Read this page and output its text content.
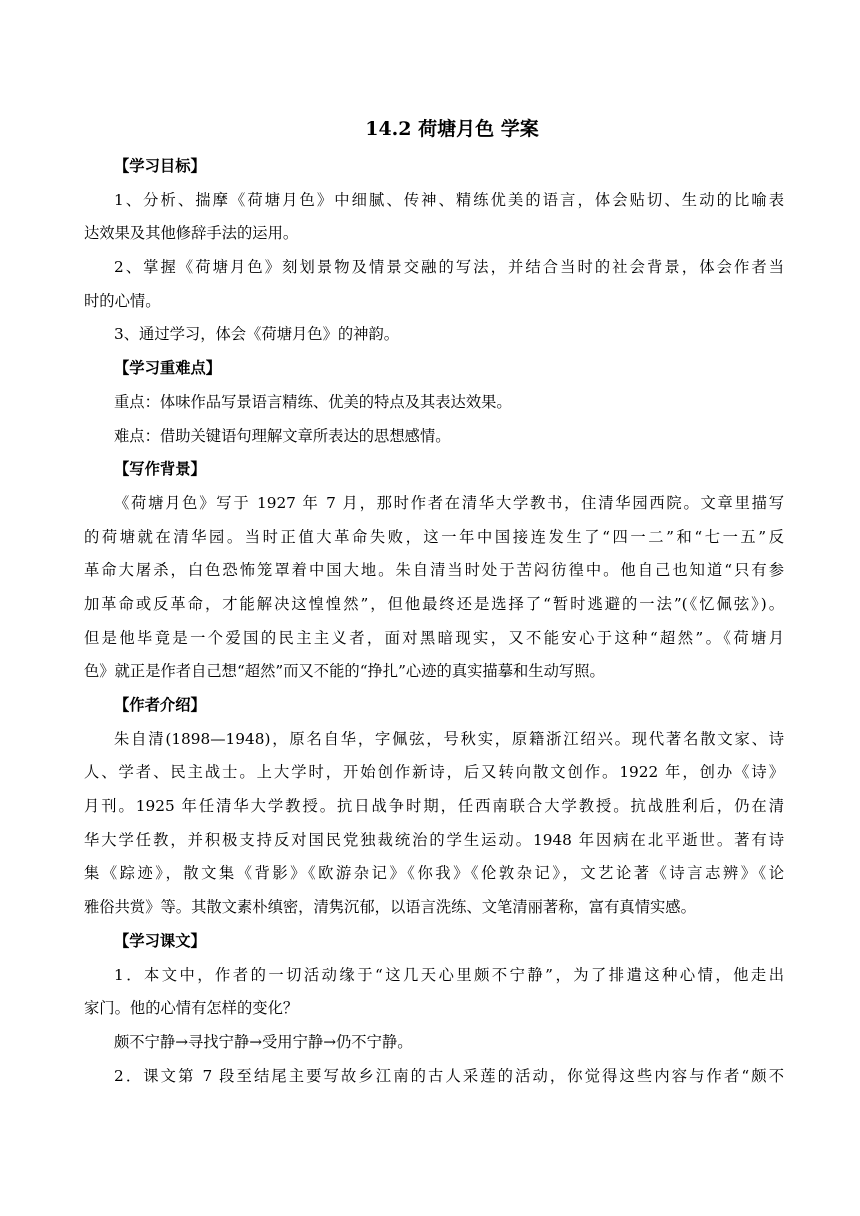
14.2 荷塘月色 学案
【学习目标】
1、分析、揣摩《荷塘月色》中细腻、传神、精练优美的语言，体会贴切、生动的比喻表
达效果及其他修辞手法的运用。
2、掌握《荷塘月色》刻划景物及情景交融的写法，并结合当时的社会背景，体会作者当
时的心情。
3、通过学习，体会《荷塘月色》的神韵。
【学习重难点】
重点：体味作品写景语言精练、优美的特点及其表达效果。
难点：借助关键语句理解文章所表达的思想感情。
【写作背景】
《荷塘月色》写于 1927 年 7 月，那时作者在清华大学教书，住清华园西院。文章里描写
的荷塘就在清华园。当时正值大革命失败，这一年中国接连发生了“四一二”和“七一五”反
革命大屠杀，白色恐怖笼罩着中国大地。朱自清当时处于苦闷彷徨中。他自己也知道“只有参
加革命或反革命，才能解决这惶惶然”，但他最终还是选择了“暂时逃避的一法”(《忆佩弦》)。
但是他毕竟是一个爱国的民主主义者，面对黑暗现实，又不能安心于这种“超然”。《荷塘月
色》就正是作者自己想“超然”而又不能的“挣扎”心迹的真实描摹和生动写照。
【作者介绍】
朱自清(1898—1948)，原名自华，字佩弦，号秋实，原籍浙江绍兴。现代著名散文家、诗
人、学者、民主战士。上大学时，开始创作新诗，后又转向散文创作。1922 年，创办《诗》
月刊。1925 年任清华大学教授。抗日战争时期，任西南联合大学教授。抗战胜利后，仍在清
华大学任教，并积极支持反对国民党独裁统治的学生运动。1948 年因病在北平逝世。著有诗
集《踪迹》，散文集《背影》《欧游杂记》《你我》《伦敦杂记》，文艺论著《诗言志辨》《论
雅俗共赏》等。其散文素朴缜密，清隽沉郁，以语言洗练、文笔清丽著称，富有真情实感。
【学习课文】
1．本文中，作者的一切活动缘于“这几天心里颇不宁静”，为了排遣这种心情，他走出
家门。他的心情有怎样的变化？
颇不宁静→寻找宁静→受用宁静→仍不宁静。
2．课文第 7 段至结尾主要写故乡江南的古人采莲的活动，你觉得这些内容与作者“颇不
